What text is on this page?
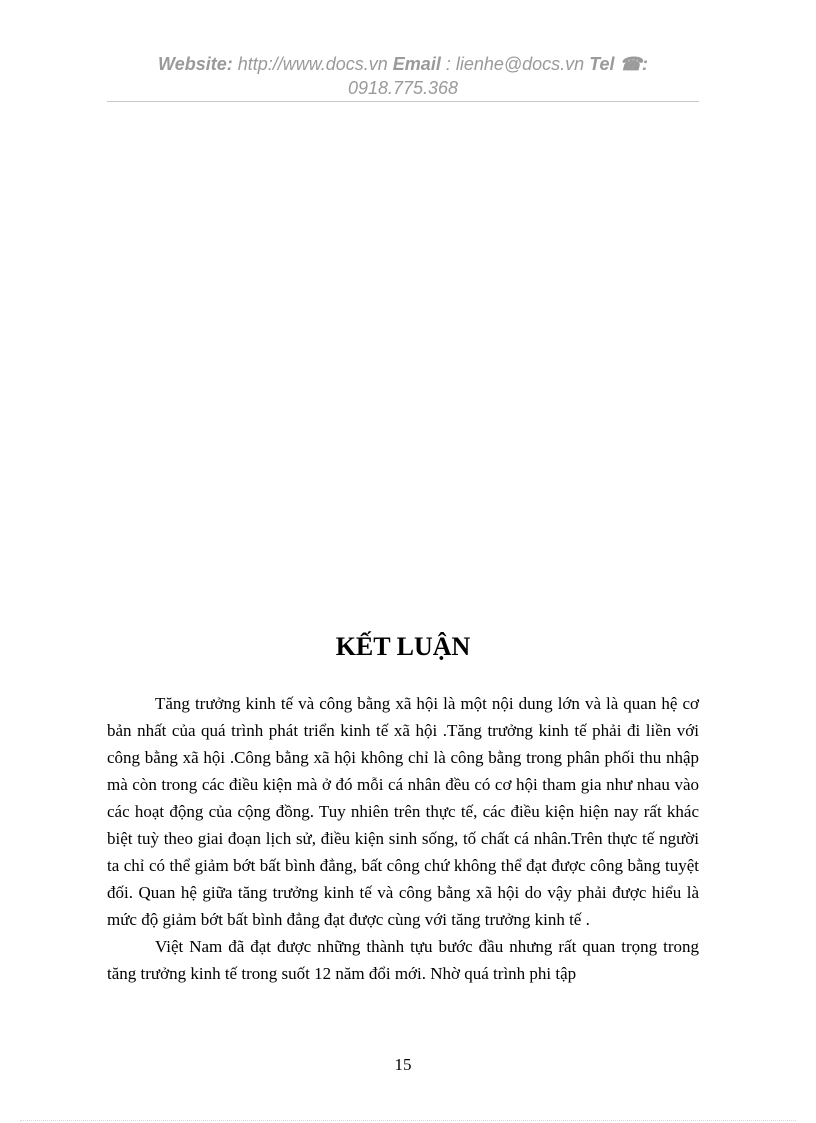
Website: http://www.docs.vn Email : lienhe@docs.vn Tel ☎:
0918.775.368
KẾT LUẬN

Tăng trưởng kinh tế và công bằng xã hội là một nội dung lớn và là quan hệ cơ bản nhất của quá trình phát triển kinh tế xã hội .Tăng trưởng kinh tế phải đi liền với công bằng xã hội .Công bằng xã hội không chỉ là công bằng trong phân phối thu nhập mà còn trong các điều kiện mà ở đó mỗi cá nhân đều có cơ hội tham gia như nhau vào các hoạt động của cộng đồng. Tuy nhiên trên thực tế, các điều kiện hiện nay rất khác biệt tuỳ theo giai đoạn lịch sử, điều kiện sinh sống, tố chất cá nhân.Trên thực tế người ta chỉ có thể giảm bớt bất bình đẳng, bất công chứ không thể đạt được công bằng tuyệt đối. Quan hệ giữa tăng trưởng kinh tế và công bằng xã hội do vậy phải được hiểu là mức độ giảm bớt bất bình đẳng đạt được cùng với tăng trưởng kinh tế .

Việt Nam đã đạt được những thành tựu bước đầu nhưng rất quan trọng trong tăng trưởng kinh tế trong suốt 12 năm đổi mới. Nhờ quá trình phi tập

15
